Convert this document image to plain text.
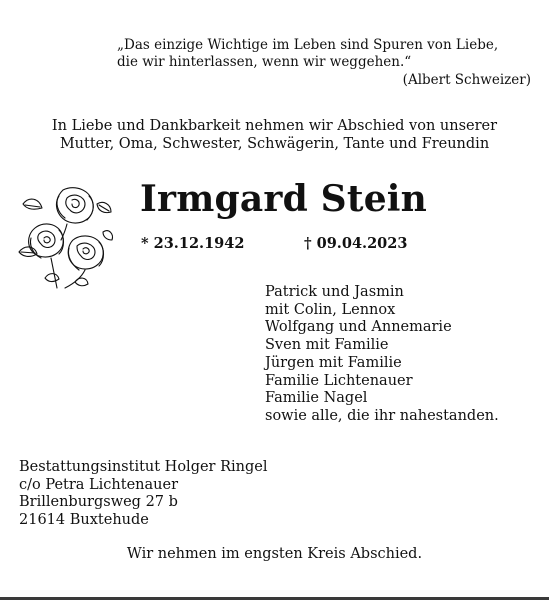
„Das einzige Wichtige im Leben sind Spuren von Liebe,
die wir hinterlassen, wenn wir weggehen.“
(Albert Schweizer)
In Liebe und Dankbarkeit nehmen wir Abschied von unserer
Mutter, Oma, Schwester, Schwägerin, Tante und Freundin
Irmgard Stein
* 23.12.1942	† 09.04.2023
Patrick und Jasmin
mit Colin, Lennox
Wolfgang und Annemarie
Sven mit Familie
Jürgen mit Familie
Familie Lichtenauer
Familie Nagel
sowie alle, die ihr nahestanden.
Bestattungsinstitut Holger Ringel
c/o Petra Lichtenauer
Brillenburgsweg 27 b
21614 Buxtehude
Wir nehmen im engsten Kreis Abschied.
